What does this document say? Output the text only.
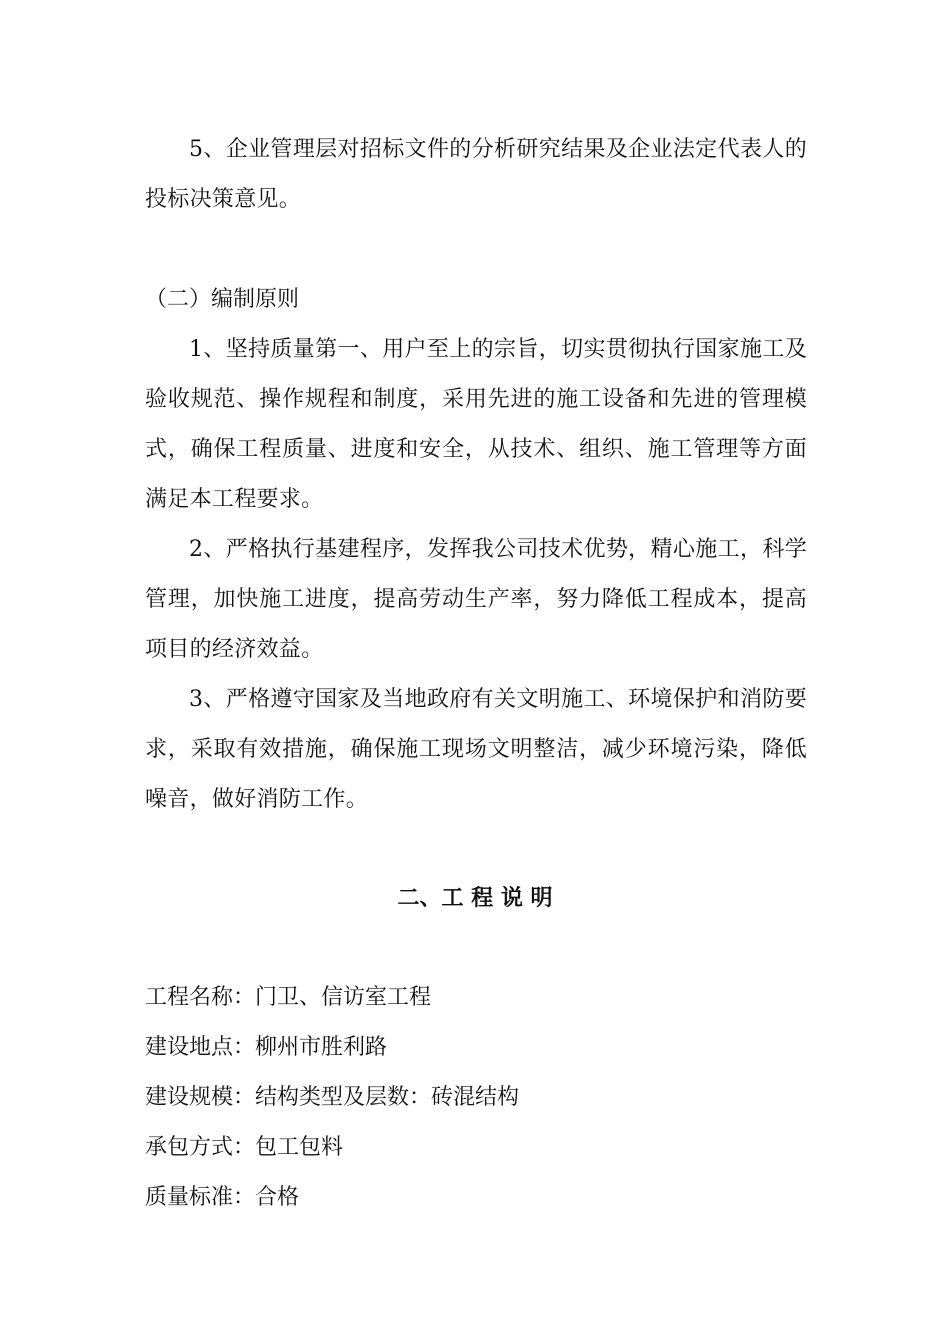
5、企业管理层对招标文件的分析研究结果及企业法定代表人的投标决策意见。

（二）编制原则

1、坚持质量第一、用户至上的宗旨，切实贯彻执行国家施工及验收规范、操作规程和制度，采用先进的施工设备和先进的管理模式，确保工程质量、进度和安全，从技术、组织、施工管理等方面满足本工程要求。

2、严格执行基建程序，发挥我公司技术优势，精心施工，科学管理，加快施工进度，提高劳动生产率，努力降低工程成本，提高项目的经济效益。

3、严格遵守国家及当地政府有关文明施工、环境保护和消防要求，采取有效措施，确保施工现场文明整洁，减少环境污染，降低噪音，做好消防工作。

二、工 程 说 明

工程名称：门卫、信访室工程

建设地点：柳州市胜利路

建设规模：结构类型及层数：砖混结构

承包方式：包工包料

质量标准：合格
